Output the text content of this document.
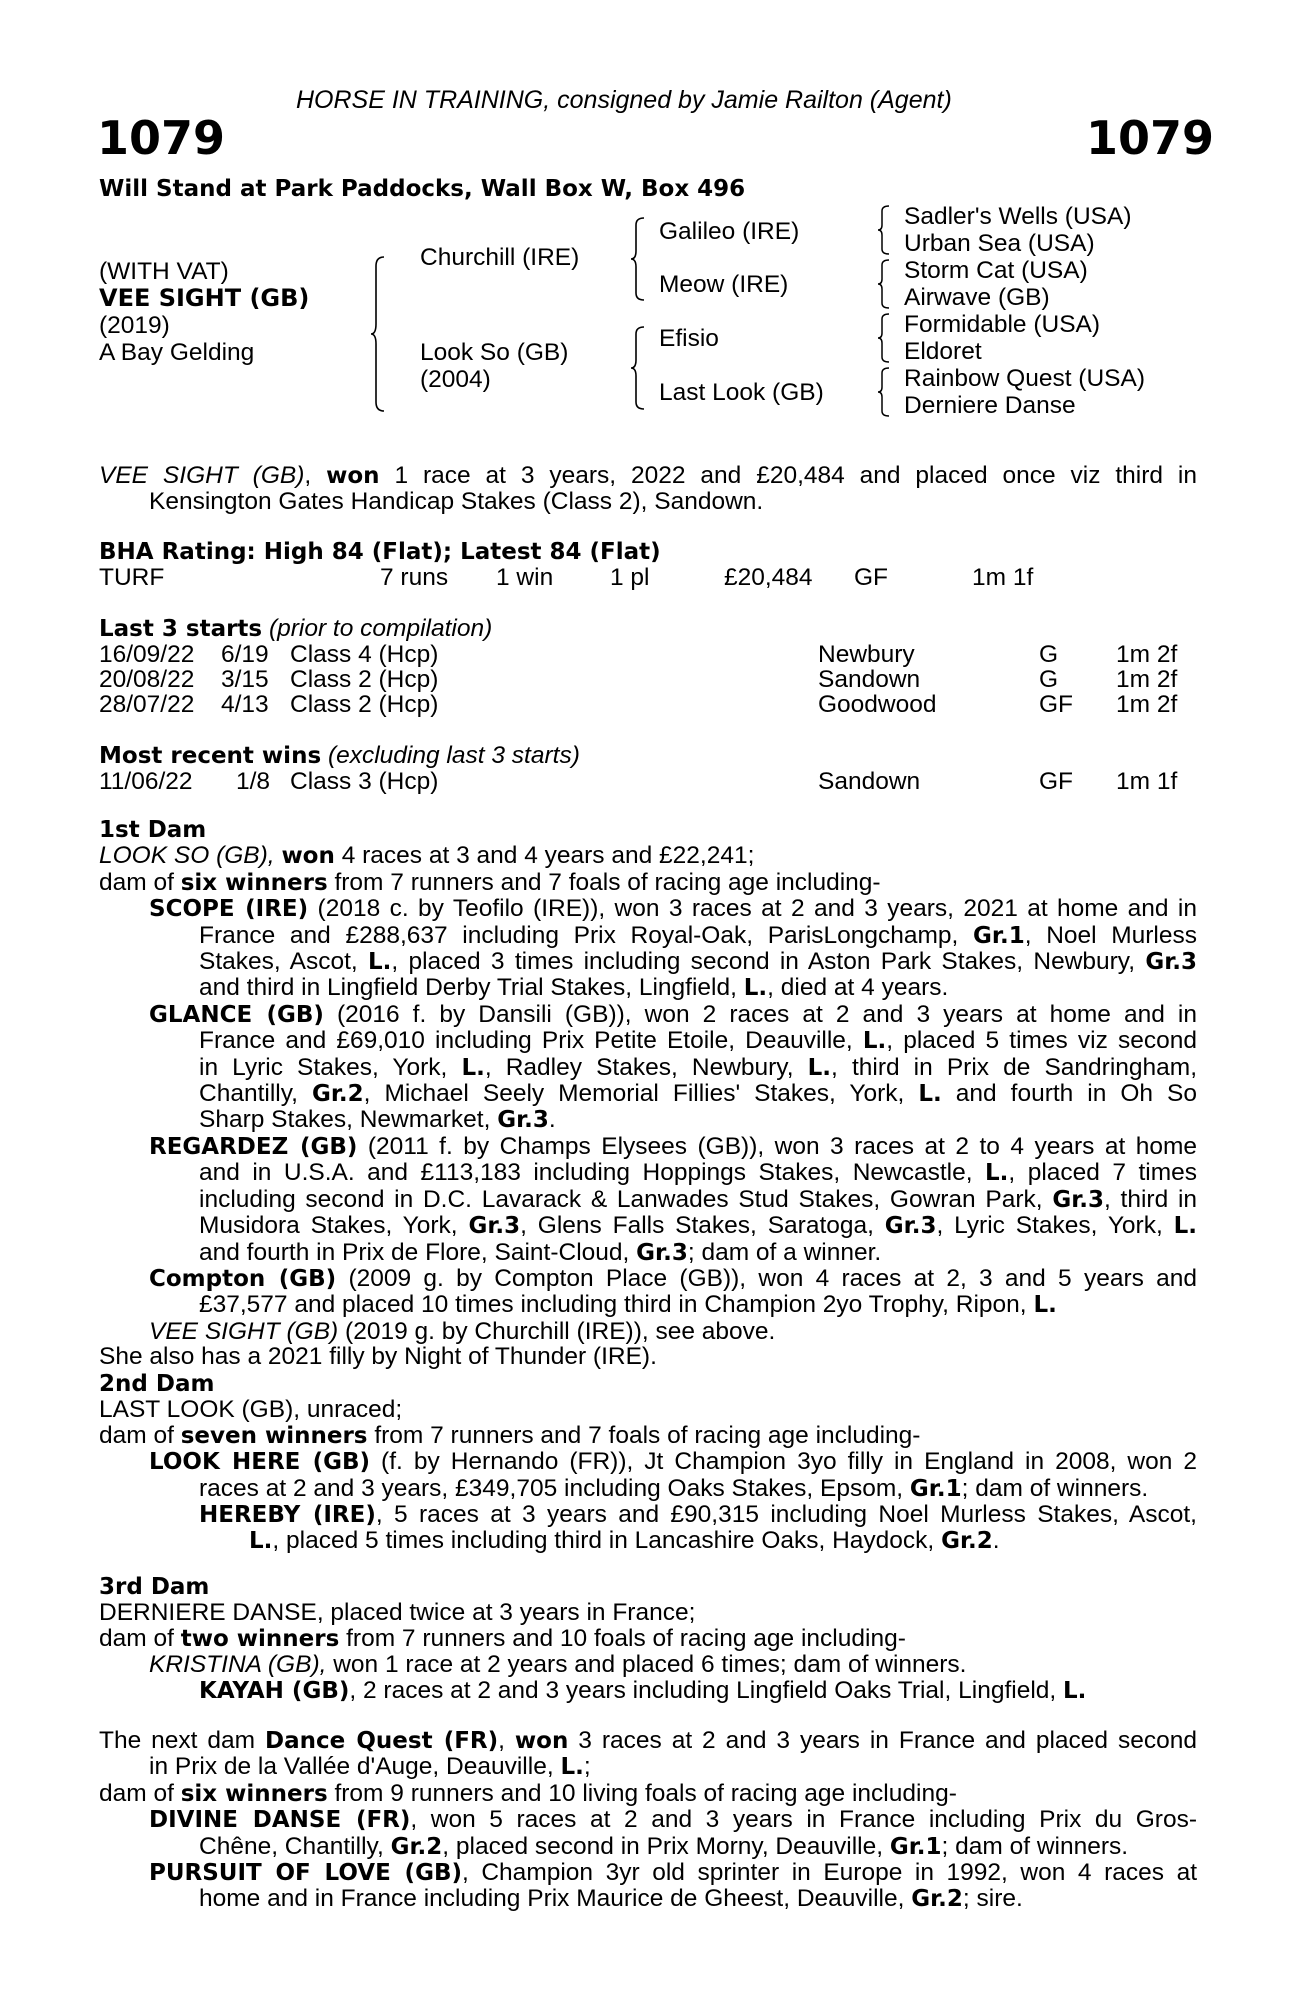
HORSE IN TRAINING, consigned by Jamie Railton (Agent)
1079	1079
Will Stand at Park Paddocks, Wall Box W, Box 496
(WITH VAT)
VEE SIGHT (GB)
(2019)
A Bay Gelding
Churchill (IRE)
Look So (GB)
(2004)
Galileo (IRE)
Meow (IRE)
Efisio
Last Look (GB)
Sadler's Wells (USA)
Urban Sea (USA)
Storm Cat (USA)
Airwave (GB)
Formidable (USA)
Eldoret
Rainbow Quest (USA)
Derniere Danse
VEE SIGHT (GB), won 1 race at 3 years, 2022 and £20,484 and placed once viz third in
Kensington Gates Handicap Stakes (Class 2), Sandown.
BHA Rating: High 84 (Flat); Latest 84 (Flat)
TURF	7 runs 1 win 1 pl	£20,484 GF	1m 1f
Last 3 starts (prior to compilation)
16/09/22 6/19 Class 4 (Hcp)	Newbury	G 1m 2f
20/08/22 3/15 Class 2 (Hcp)	Sandown	G 1m 2f
28/07/22 4/13 Class 2 (Hcp)	Goodwood	GF 1m 2f
Most recent wins (excluding last 3 starts)
11/06/22 1/8 Class 3 (Hcp)	Sandown	GF 1m 1f
1st Dam
LOOK SO (GB), won 4 races at 3 and 4 years and £22,241;
dam of six winners from 7 runners and 7 foals of racing age including-
SCOPE (IRE) (2018 c. by Teofilo (IRE)), won 3 races at 2 and 3 years, 2021 at home and in
France and £288,637 including Prix Royal-Oak, ParisLongchamp, Gr.1, Noel Murless
Stakes, Ascot, L., placed 3 times including second in Aston Park Stakes, Newbury, Gr.3
and third in Lingfield Derby Trial Stakes, Lingfield, L., died at 4 years.
GLANCE (GB) (2016 f. by Dansili (GB)), won 2 races at 2 and 3 years at home and in
France and £69,010 including Prix Petite Etoile, Deauville, L., placed 5 times viz second
in Lyric Stakes, York, L., Radley Stakes, Newbury, L., third in Prix de Sandringham,
Chantilly, Gr.2, Michael Seely Memorial Fillies' Stakes, York, L. and fourth in Oh So
Sharp Stakes, Newmarket, Gr.3.
REGARDEZ (GB) (2011 f. by Champs Elysees (GB)), won 3 races at 2 to 4 years at home
and in U.S.A. and £113,183 including Hoppings Stakes, Newcastle, L., placed 7 times
including second in D.C. Lavarack & Lanwades Stud Stakes, Gowran Park, Gr.3, third in
Musidora Stakes, York, Gr.3, Glens Falls Stakes, Saratoga, Gr.3, Lyric Stakes, York, L.
and fourth in Prix de Flore, Saint-Cloud, Gr.3; dam of a winner.
Compton (GB) (2009 g. by Compton Place (GB)), won 4 races at 2, 3 and 5 years and
£37,577 and placed 10 times including third in Champion 2yo Trophy, Ripon, L.
VEE SIGHT (GB) (2019 g. by Churchill (IRE)), see above.
She also has a 2021 filly by Night of Thunder (IRE).
2nd Dam
LAST LOOK (GB), unraced;
dam of seven winners from 7 runners and 7 foals of racing age including-
LOOK HERE (GB) (f. by Hernando (FR)), Jt Champion 3yo filly in England in 2008, won 2
races at 2 and 3 years, £349,705 including Oaks Stakes, Epsom, Gr.1; dam of winners.
HEREBY (IRE), 5 races at 3 years and £90,315 including Noel Murless Stakes, Ascot,
L., placed 5 times including third in Lancashire Oaks, Haydock, Gr.2.
3rd Dam
DERNIERE DANSE, placed twice at 3 years in France;
dam of two winners from 7 runners and 10 foals of racing age including-
KRISTINA (GB), won 1 race at 2 years and placed 6 times; dam of winners.
KAYAH (GB), 2 races at 2 and 3 years including Lingfield Oaks Trial, Lingfield, L.
The next dam Dance Quest (FR), won 3 races at 2 and 3 years in France and placed second
in Prix de la Vallée d'Auge, Deauville, L.;
dam of six winners from 9 runners and 10 living foals of racing age including-
DIVINE DANSE (FR), won 5 races at 2 and 3 years in France including Prix du Gros-
Chêne, Chantilly, Gr.2, placed second in Prix Morny, Deauville, Gr.1; dam of winners.
PURSUIT OF LOVE (GB), Champion 3yr old sprinter in Europe in 1992, won 4 races at
home and in France including Prix Maurice de Gheest, Deauville, Gr.2; sire.
